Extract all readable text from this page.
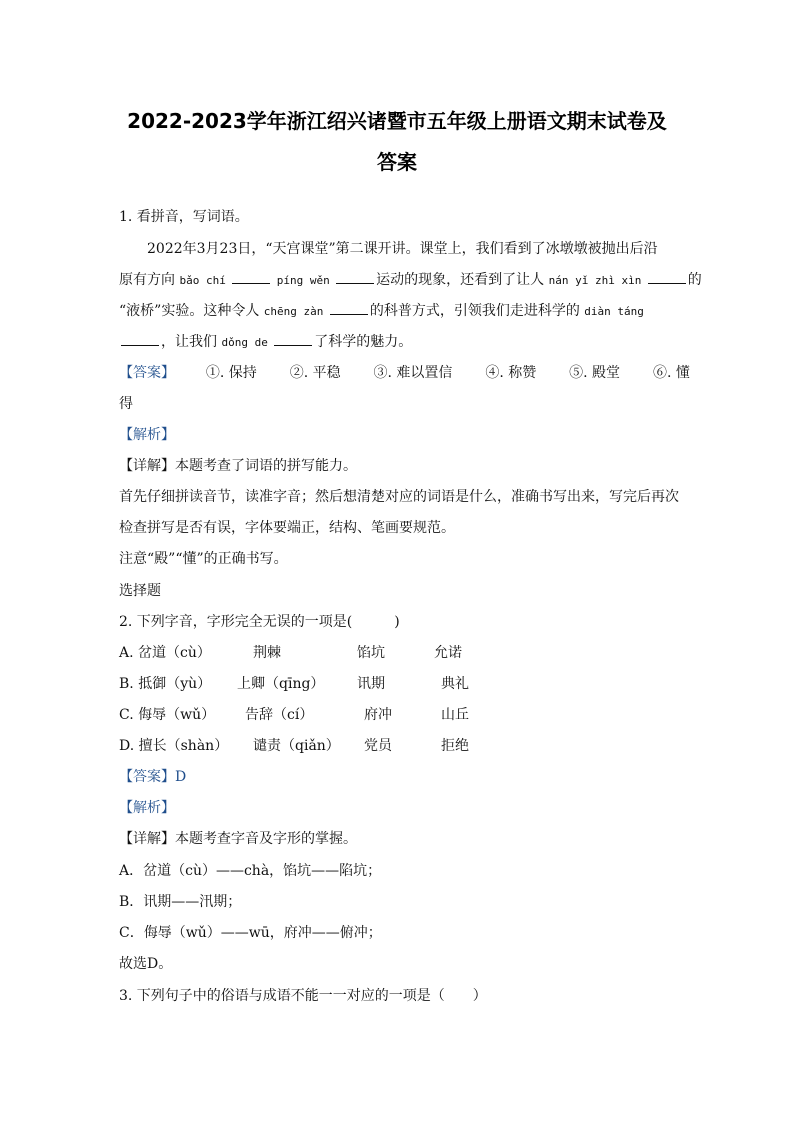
2022-2023学年浙江绍兴诸暨市五年级上册语文期末试卷及
答案
1. 看拼音，写词语。
2022年3月23日，“天宫课堂”第二课开讲。课堂上，我们看到了冰墩墩被抛出后沿
原有方向 bǎo chí	píng wěn	运动的现象，还看到了让人 nán yǐ zhì xìn	的
“液桥”实验。这种令人 chēng zàn	的科普方式，引领我们走进科学的 diàn táng
，让我们 dǒng de	了科学的魅力。
【答案】 ①. 保持 ②. 平稳 ③. 难以置信 ④. 称赞 ⑤. 殿堂 ⑥. 懂
得
【解析】
【详解】本题考查了词语的拼写能力。
首先仔细拼读音节，读准字音；然后想清楚对应的词语是什么，准确书写出来，写完后再次
检查拼写是否有误，字体要端正，结构、笔画要规范。
注意“殿”“懂”的正确书写。
选择题
2. 下列字音，字形完全无误的一项是(　　　)
A. 岔道（cù）	荆棘	馅坑	允诺
B. 抵御（yù） 上卿（qīng） 讯期	典礼
C. 侮辱（wǔ） 告辞（cí）	府冲	山丘
D. 擅长（shàn） 谴责（qiǎn） 党员	拒绝
【答案】D
【解析】
【详解】本题考查字音及字形的掌握。
A．岔道（cù）——chà，馅坑——陷坑；
B．讯期——汛期；
C．侮辱（wǔ）——wū，府冲——俯冲；
故选D。
3. 下列句子中的俗语与成语不能一一对应的一项是（　　）
